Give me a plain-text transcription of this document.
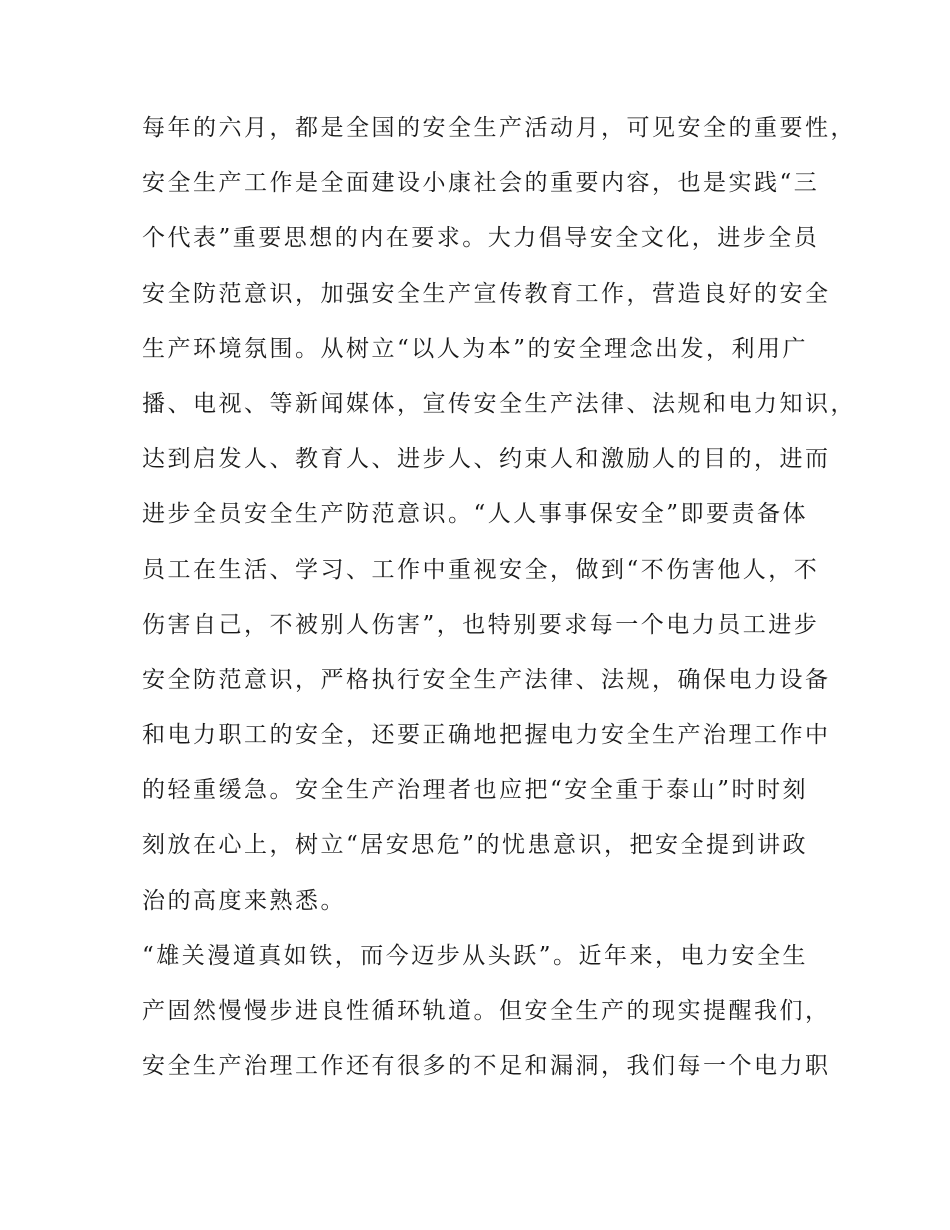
每年的六月，都是全国的安全生产活动月，可见安全的重要性，
安全生产工作是全面建设小康社会的重要内容，也是实践“三
个代表”重要思想的内在要求。大力倡导安全文化，进步全员
安全防范意识，加强安全生产宣传教育工作，营造良好的安全
生产环境氛围。从树立“以人为本”的安全理念出发，利用广
播、电视、等新闻媒体，宣传安全生产法律、法规和电力知识，
达到启发人、教育人、进步人、约束人和激励人的目的，进而
进步全员安全生产防范意识。“人人事事保安全”即要责备体
员工在生活、学习、工作中重视安全，做到“不伤害他人，不
伤害自己，不被别人伤害”，也特别要求每一个电力员工进步
安全防范意识，严格执行安全生产法律、法规，确保电力设备
和电力职工的安全，还要正确地把握电力安全生产治理工作中
的轻重缓急。安全生产治理者也应把“安全重于泰山”时时刻
刻放在心上，树立“居安思危”的忧患意识，把安全提到讲政
治的高度来熟悉。
“雄关漫道真如铁，而今迈步从头跃”。近年来，电力安全生
产固然慢慢步进良性循环轨道。但安全生产的现实提醒我们，
安全生产治理工作还有很多的不足和漏洞，我们每一个电力职
